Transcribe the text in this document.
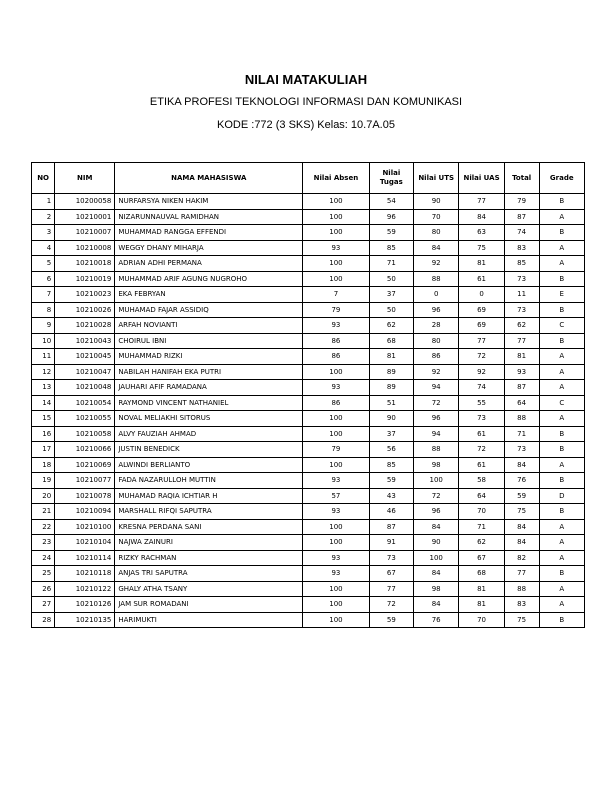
NILAI MATAKULIAH
ETIKA PROFESI TEKNOLOGI INFORMASI DAN KOMUNIKASI
KODE :772 (3 SKS) Kelas: 10.7A.05
NO	NIM	NAMA MAHASISWA	Nilai Absen	Nilai Tugas	Nilai UTS	Nilai UAS	Total	Grade
1	10200058	NURFARSYA NIKEN HAKIM	100	54	90	77	79	B
2	10210001	NIZARUNNAUVAL RAMIDHAN	100	96	70	84	87	A
3	10210007	MUHAMMAD RANGGA EFFENDI	100	59	80	63	74	B
4	10210008	WEGGY DHANY MIHARJA	93	85	84	75	83	A
5	10210018	ADRIAN ADHI PERMANA	100	71	92	81	85	A
6	10210019	MUHAMMAD ARIF AGUNG NUGROHO	100	50	88	61	73	B
7	10210023	EKA FEBRYAN	7	37	0	0	11	E
8	10210026	MUHAMAD FAJAR ASSIDIQ	79	50	96	69	73	B
9	10210028	ARFAH NOVIANTI	93	62	28	69	62	C
10	10210043	CHOIRUL IBNI	86	68	80	77	77	B
11	10210045	MUHAMMAD RIZKI	86	81	86	72	81	A
12	10210047	NABILAH HANIFAH EKA PUTRI	100	89	92	92	93	A
13	10210048	JAUHARI AFIF RAMADANA	93	89	94	74	87	A
14	10210054	RAYMOND VINCENT NATHANIEL	86	51	72	55	64	C
15	10210055	NOVAL MELIAKHI SITORUS	100	90	96	73	88	A
16	10210058	ALVY FAUZIAH AHMAD	100	37	94	61	71	B
17	10210066	JUSTIN BENEDICK	79	56	88	72	73	B
18	10210069	ALWINDI BERLIANTO	100	85	98	61	84	A
19	10210077	FADA NAZARULLOH MUTTIN	93	59	100	58	76	B
20	10210078	MUHAMAD RAQIA ICHTIAR H	57	43	72	64	59	D
21	10210094	MARSHALL RIFQI SAPUTRA	93	46	96	70	75	B
22	10210100	KRESNA PERDANA SANI	100	87	84	71	84	A
23	10210104	NAJWA ZAINURI	100	91	90	62	84	A
24	10210114	RIZKY RACHMAN	93	73	100	67	82	A
25	10210118	ANJAS TRI SAPUTRA	93	67	84	68	77	B
26	10210122	GHALY ATHA TSANY	100	77	98	81	88	A
27	10210126	JAM SUR ROMADANI	100	72	84	81	83	A
28	10210135	HARIMUKTI	100	59	76	70	75	B
